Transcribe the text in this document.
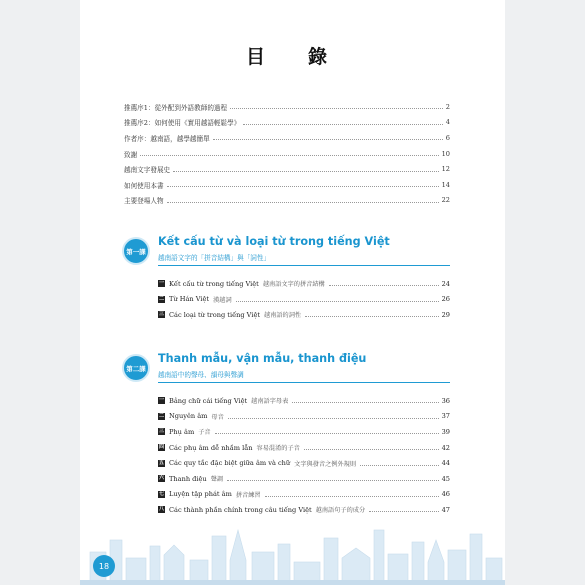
目　錄
推薦序1：從外配到外語教師的過程	2
推薦序2：如何使用《實用越語輕鬆學》	4
作者序：越南語，越學越簡單	6
致謝	10
越南文字發展史	12
如何使用本書	14
主要登場人物	22
第一課
Kết cấu từ và loại từ trong tiếng Việt
越南語文字的「拼音結構」與「詞性」
一 Kết cấu từ trong tiếng Việt 越南語文字的拼音結構	24
二 Từ Hán Việt 漢越詞	26
三 Các loại từ trong tiếng Việt 越南語的詞性	29
第二課
Thanh mẫu, vận mẫu, thanh điệu
越南語中的聲母、韻母與聲調
一 Bảng chữ cái tiếng Việt 越南語字母表	36
二 Nguyên âm 母音	37
三 Phụ âm 子音	39
四 Các phụ âm dễ nhầm lẫn 容易混淆的子音	42
五 Các quy tắc đặc biệt giữa âm và chữ 文字與發音之例外規則	44
六 Thanh điệu 聲調	45
七 Luyện tập phát âm 拼音練習	46
八 Các thành phần chính trong câu tiếng Việt 越南語句子的成分	47
18
